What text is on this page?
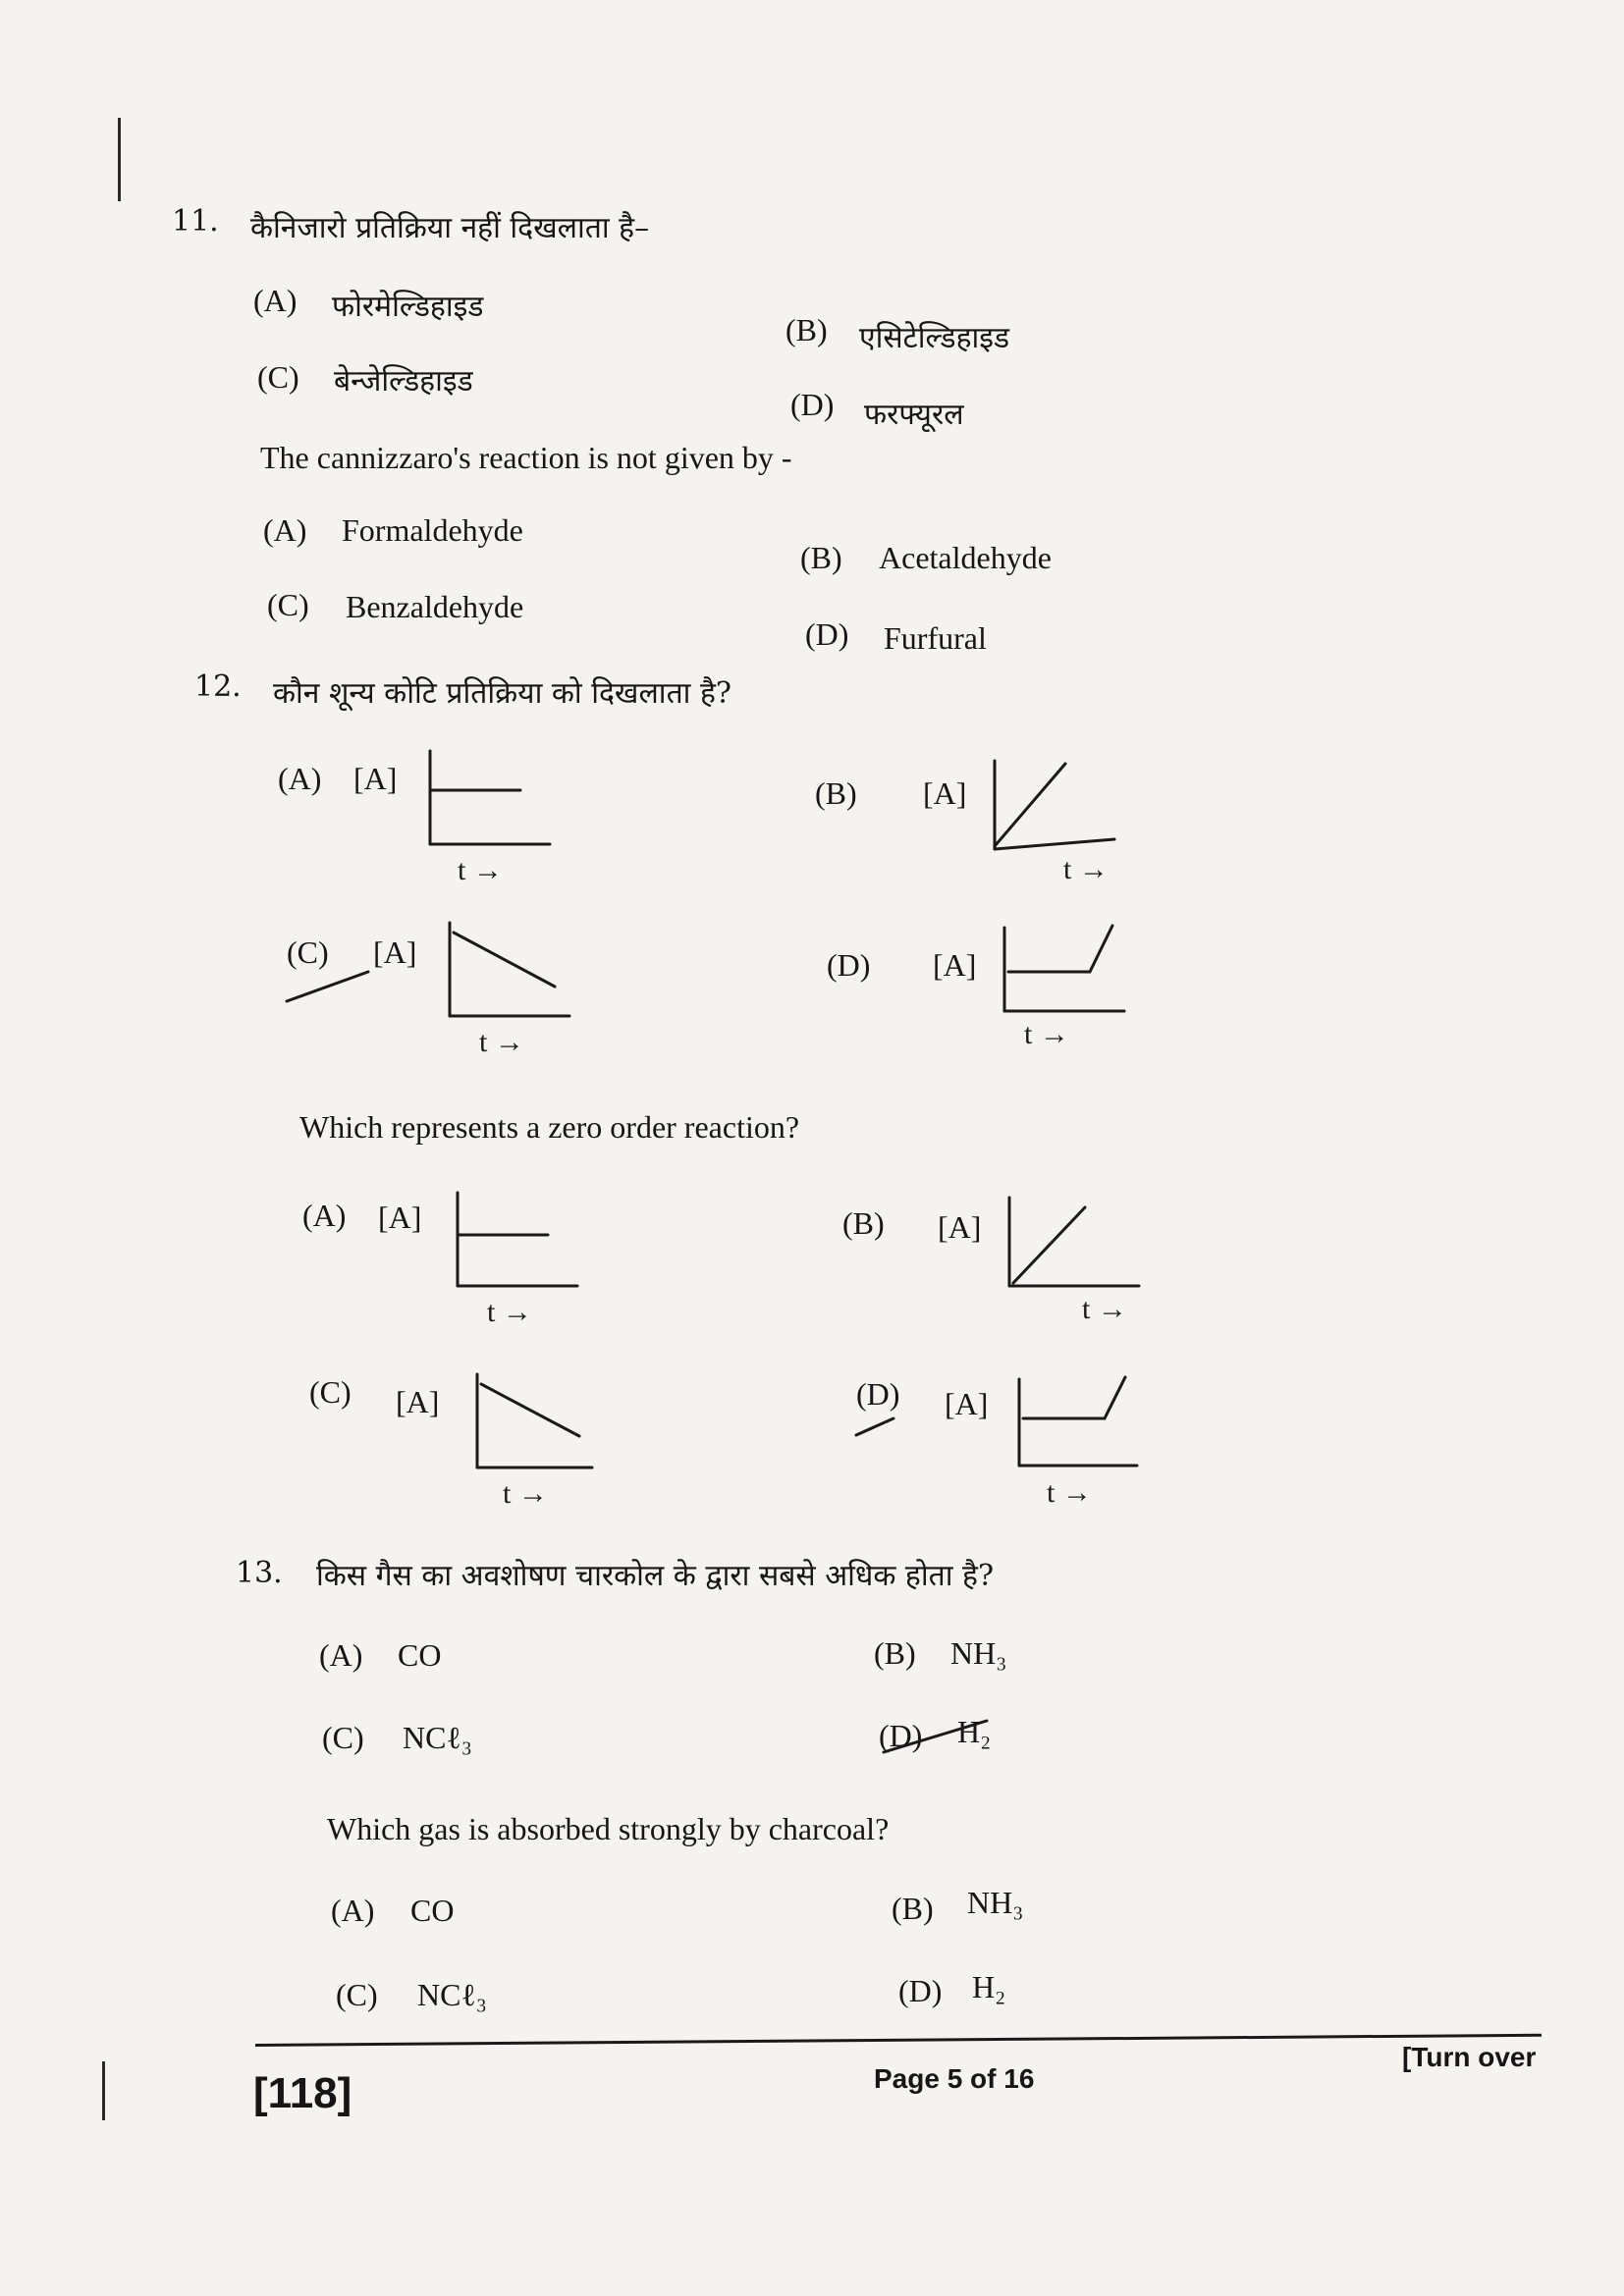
11. कैनिजारो प्रतिक्रिया नहीं दिखलाता है–
(A) फोरमेल्डिहाइड
(B) एसिटेल्डिहाइड
(C) बेन्जेल्डिहाइड
(D) फरफ्यूरल
The cannizzaro's reaction is not given by -
(A) Formaldehyde
(B) Acetaldehyde
(C) Benzaldehyde
(D) Furfural
12. कौन शून्य कोटि प्रतिक्रिया को दिखलाता है?
(A) [A]
t →
(B) [A]
t →
(C) [A]
t →
(D) [A]
t →
Which represents a zero order reaction?
(A) [A]
t →
(B) [A]
t →
(C) [A]
t →
(D) [A]
t →
13. किस गैस का अवशोषण चारकोल के द्वारा सबसे अधिक होता है?
(A) CO	(B) NH₃
(C) NCℓ₃	(D) H₂
Which gas is absorbed strongly by charcoal?
(A) CO	(B) NH₃
(C) NCℓ₃	(D) H₂
[118]	Page 5 of 16
[Turn over
